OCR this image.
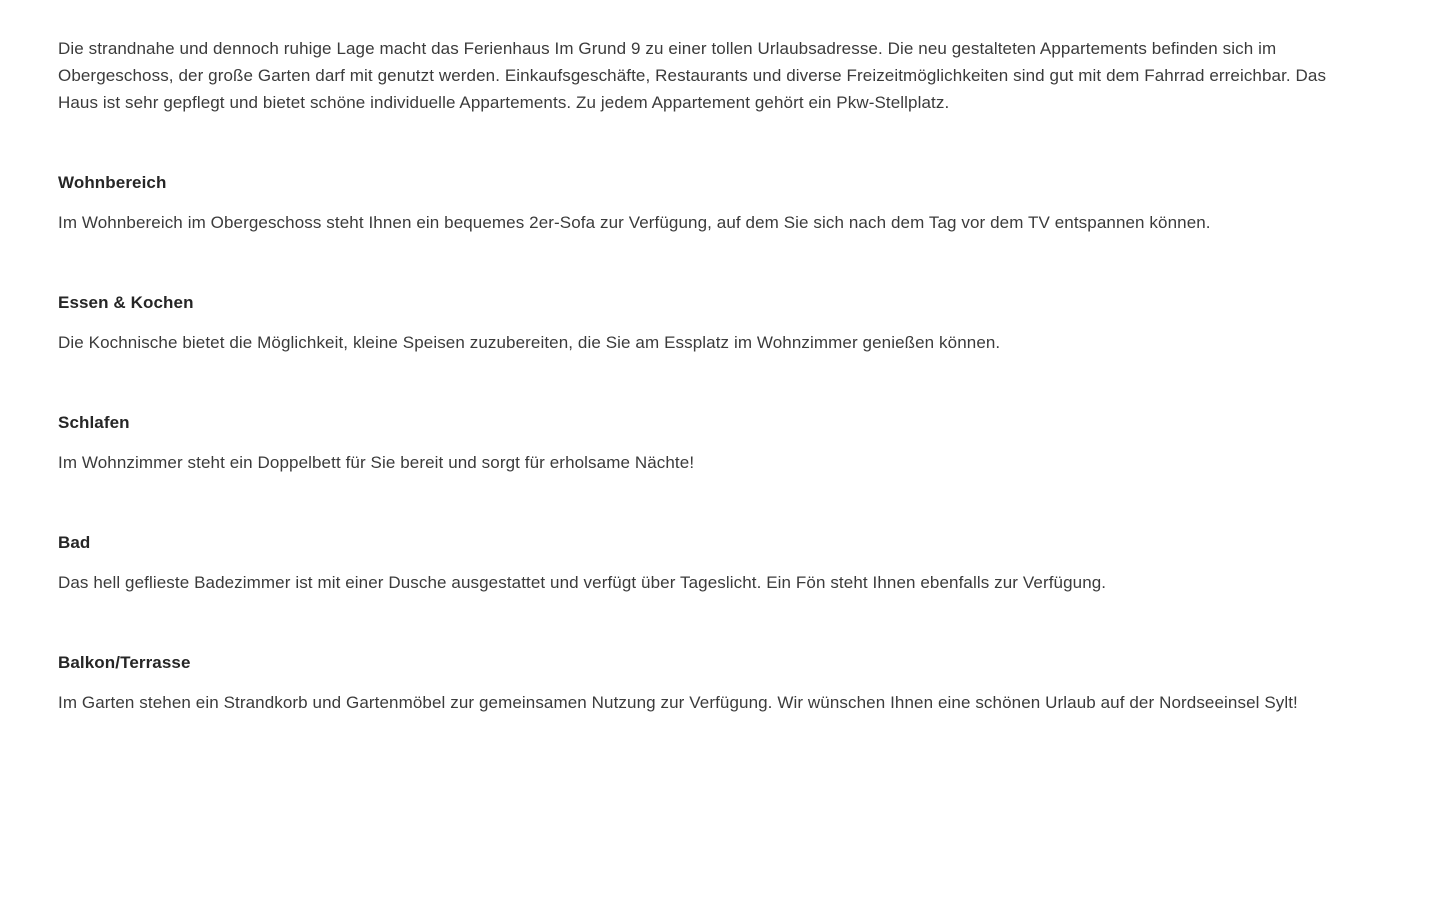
Die strandnahe und dennoch ruhige Lage macht das Ferienhaus Im Grund 9 zu einer tollen Urlaubsadresse. Die neu gestalteten Appartements befinden sich im Obergeschoss, der große Garten darf mit genutzt werden. Einkaufsgeschäfte, Restaurants und diverse Freizeitmöglichkeiten sind gut mit dem Fahrrad erreichbar. Das Haus ist sehr gepflegt und bietet schöne individuelle Appartements. Zu jedem Appartement gehört ein Pkw-Stellplatz.

Wohnbereich

Im Wohnbereich im Obergeschoss steht Ihnen ein bequemes 2er-Sofa zur Verfügung, auf dem Sie sich nach dem Tag vor dem TV entspannen können.

Essen & Kochen

Die Kochnische bietet die Möglichkeit, kleine Speisen zuzubereiten, die Sie am Essplatz im Wohnzimmer genießen können.

Schlafen

Im Wohnzimmer steht ein Doppelbett für Sie bereit und sorgt für erholsame Nächte!

Bad

Das hell geflieste Badezimmer ist mit einer Dusche ausgestattet und verfügt über Tageslicht. Ein Fön steht Ihnen ebenfalls zur Verfügung.

Balkon/Terrasse

Im Garten stehen ein Strandkorb und Gartenmöbel zur gemeinsamen Nutzung zur Verfügung. Wir wünschen Ihnen eine schönen Urlaub auf der Nordseeinsel Sylt!
